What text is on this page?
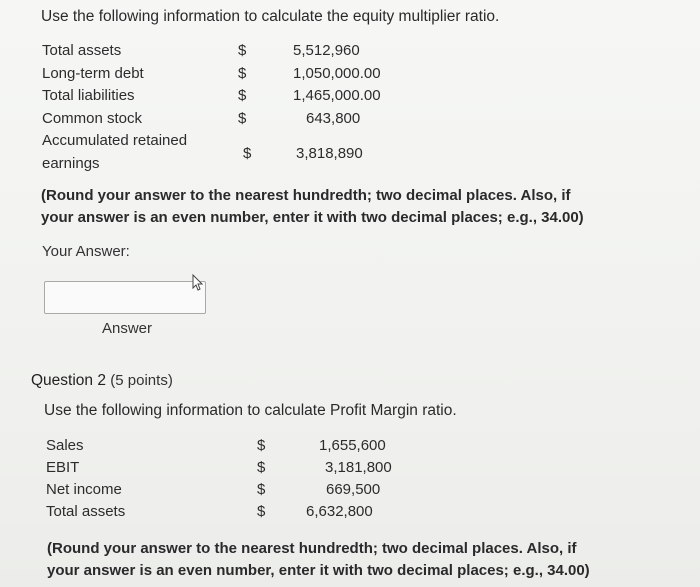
Use the following information to calculate the equity multiplier ratio.
Total assets	$	5,512,960
Long-term debt	$	1,050,000.00
Total liabilities	$	1,465,000.00
Common stock	$	643,800
Accumulated retained
earnings
$	3,818,890
(Round your answer to the nearest hundredth; two decimal places. Also, if your answer is an even number, enter it with two decimal places; e.g., 34.00)
Your Answer:
Answer
Question 2 (5 points)
Use the following information to calculate Profit Margin ratio.
Sales	$	1,655,600
EBIT	$	3,181,800
Net income	$	669,500
Total assets	$	6,632,800
(Round your answer to the nearest hundredth; two decimal places. Also, if your answer is an even number, enter it with two decimal places; e.g., 34.00)
